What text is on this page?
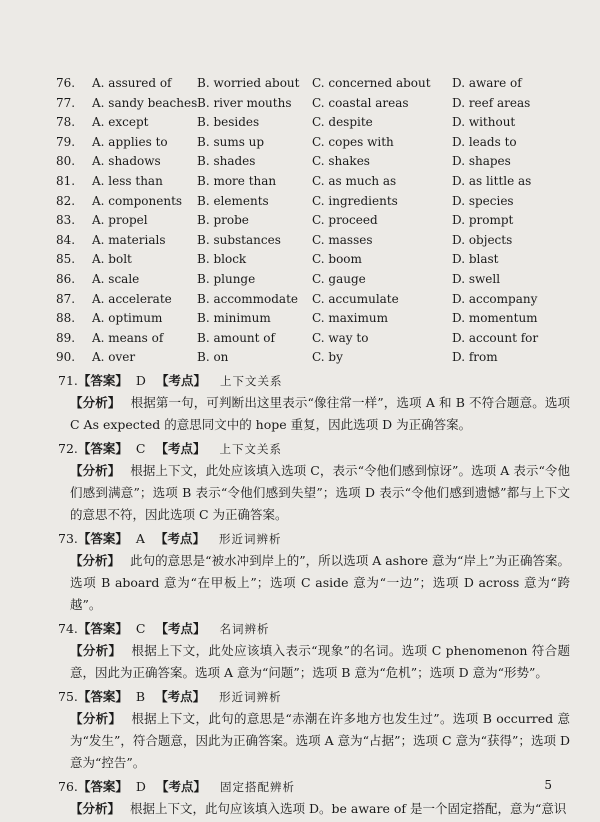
76.	A. assured of B. worried about C. concerned about D. aware of
77.	A. sandy beaches B. river mouths C. coastal areas	D. reef areas
78.	A. except	B. besides	C. despite	D. without
79.	A. applies to B. sums up	C. copes with	D. leads to
80.	A. shadows	B. shades	C. shakes	D. shapes
81.	A. less than	B. more than	C. as much as	D. as little as
82.	A. components B. elements	C. ingredients	D. species
83.	A. propel	B. probe	C. proceed	D. prompt
84.	A. materials	B. substances	C. masses	D. objects
85.	A. bolt	B. block	C. boom	D. blast
86.	A. scale	B. plunge	C. gauge	D. swell
87.	A. accelerate B. accommodate C. accumulate	D. accompany
88.	A. optimum	B. minimum	C. maximum	D. momentum
89.	A. means of	B. amount of	C. way to	D. account for
90.	A. over	B. on	C. by	D. from
71.【答案】 D 【考点】 上下文关系
【分析】 根据第一句，可判断出这里表示“像往常一样”，选项 A 和 B 不符合题意。选项 C As expected 的意思同文中的 hope 重复，因此选项 D 为正确答案。
72.【答案】 C 【考点】 上下文关系
【分析】 根据上下文，此处应该填入选项 C，表示“令他们感到惊讶”。选项 A 表示“令他们感到满意”；选项 B 表示“令他们感到失望”；选项 D 表示“令他们感到遗憾”都与上下文的意思不符，因此选项 C 为正确答案。
73.【答案】 A 【考点】 形近词辨析
【分析】 此句的意思是“被水冲到岸上的”，所以选项 A ashore 意为“岸上”为正确答案。选项 B aboard 意为“在甲板上”；选项 C aside 意为“一边”；选项 D across 意为“跨越”。
74.【答案】 C 【考点】 名词辨析
【分析】 根据上下文，此处应该填入表示“现象”的名词。选项 C phenomenon 符合题意，因此为正确答案。选项 A 意为“问题”；选项 B 意为“危机”；选项 D 意为“形势”。
75.【答案】 B 【考点】 形近词辨析
【分析】 根据上下文，此句的意思是“赤潮在许多地方也发生过”。选项 B occurred 意为“发生”，符合题意，因此为正确答案。选项 A 意为“占据”；选项 C 意为“获得”；选项 D 意为“控告”。
76.【答案】 D 【考点】 固定搭配辨析
【分析】 根据上下文，此句应该填入选项 D。be aware of 是一个固定搭配，意为“意识
5
